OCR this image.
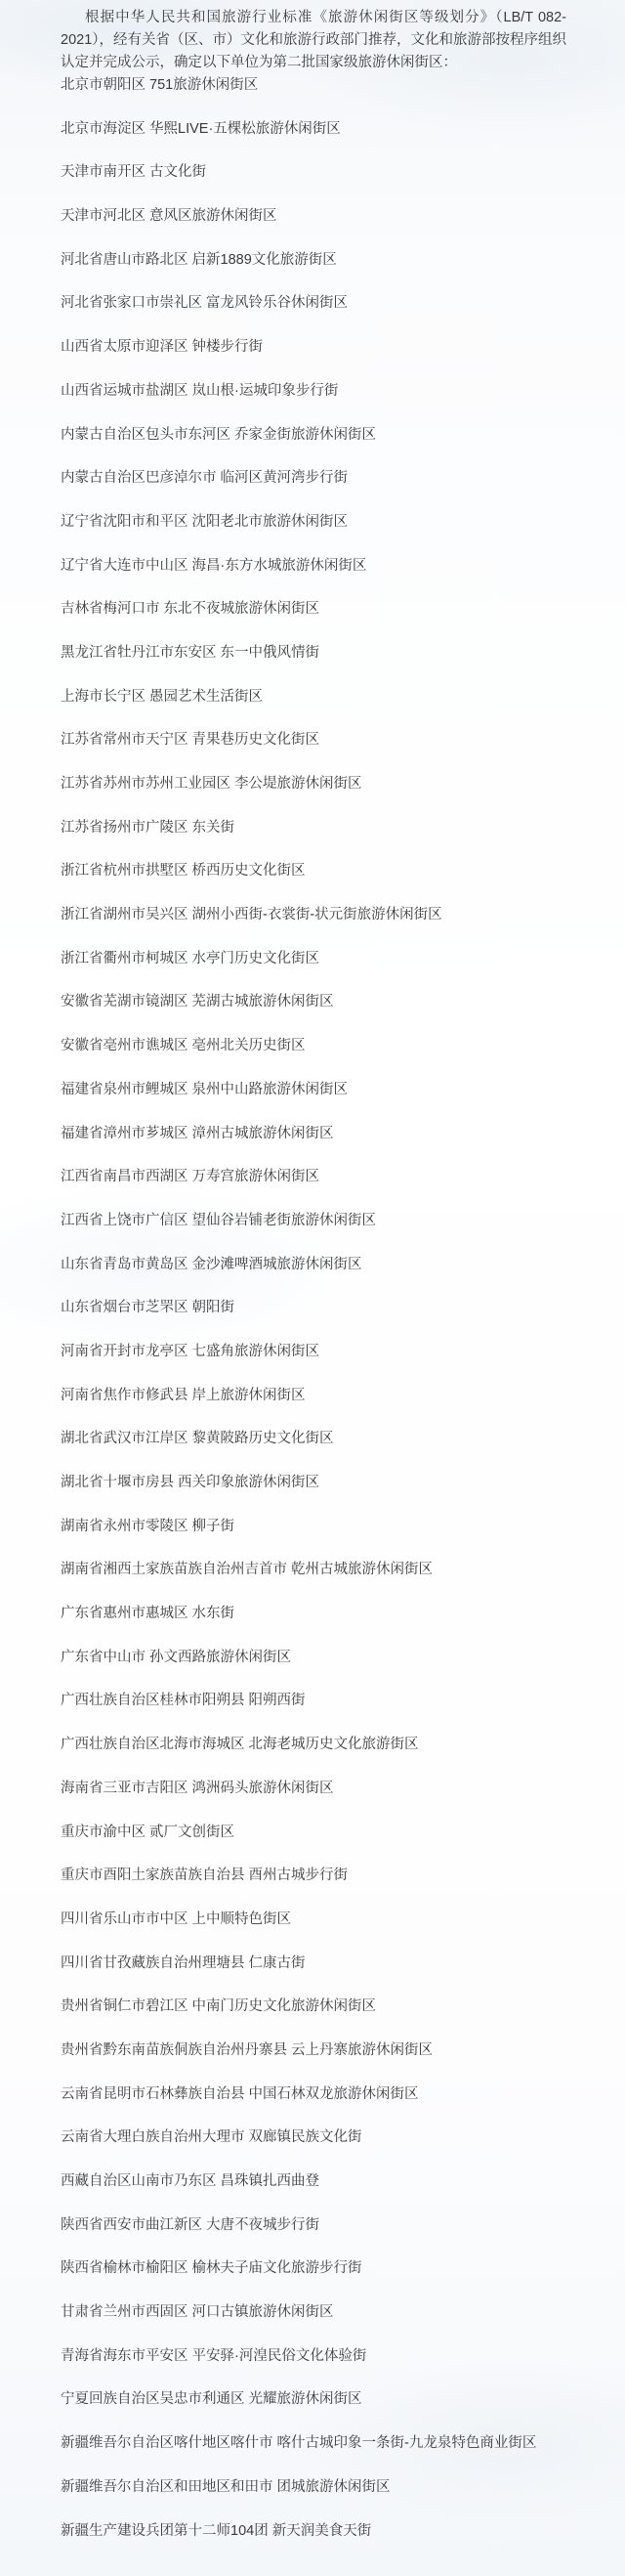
根据中华人民共和国旅游行业标准《旅游休闲街区等级划分》（LB/T 082-2021），经有关省（区、市）文化和旅游行政部门推荐，文化和旅游部按程序组织认定并完成公示，确定以下单位为第二批国家级旅游休闲街区：

北京市朝阳区 751旅游休闲街区
北京市海淀区 华熙LIVE·五棵松旅游休闲街区
天津市南开区 古文化街
天津市河北区 意风区旅游休闲街区
河北省唐山市路北区 启新1889文化旅游街区
河北省张家口市崇礼区 富龙风铃乐谷休闲街区
山西省太原市迎泽区 钟楼步行街
山西省运城市盐湖区 岚山根·运城印象步行街
内蒙古自治区包头市东河区 乔家金街旅游休闲街区
内蒙古自治区巴彦淖尔市 临河区黄河湾步行街
辽宁省沈阳市和平区 沈阳老北市旅游休闲街区
辽宁省大连市中山区 海昌·东方水城旅游休闲街区
吉林省梅河口市 东北不夜城旅游休闲街区
黑龙江省牡丹江市东安区 东一中俄风情街
上海市长宁区 愚园艺术生活街区
江苏省常州市天宁区 青果巷历史文化街区
江苏省苏州市苏州工业园区 李公堤旅游休闲街区
江苏省扬州市广陵区 东关街
浙江省杭州市拱墅区 桥西历史文化街区
浙江省湖州市吴兴区 湖州小西街-衣裳街-状元街旅游休闲街区
浙江省衢州市柯城区 水亭门历史文化街区
安徽省芜湖市镜湖区 芜湖古城旅游休闲街区
安徽省亳州市谯城区 亳州北关历史街区
福建省泉州市鲤城区 泉州中山路旅游休闲街区
福建省漳州市芗城区 漳州古城旅游休闲街区
江西省南昌市西湖区 万寿宫旅游休闲街区
江西省上饶市广信区 望仙谷岩铺老街旅游休闲街区
山东省青岛市黄岛区 金沙滩啤酒城旅游休闲街区
山东省烟台市芝罘区 朝阳街
河南省开封市龙亭区 七盛角旅游休闲街区
河南省焦作市修武县 岸上旅游休闲街区
湖北省武汉市江岸区 黎黄陂路历史文化街区
湖北省十堰市房县 西关印象旅游休闲街区
湖南省永州市零陵区 柳子街
湖南省湘西土家族苗族自治州吉首市 乾州古城旅游休闲街区
广东省惠州市惠城区 水东街
广东省中山市 孙文西路旅游休闲街区
广西壮族自治区桂林市阳朔县 阳朔西街
广西壮族自治区北海市海城区 北海老城历史文化旅游街区
海南省三亚市吉阳区 鸿洲码头旅游休闲街区
重庆市渝中区 贰厂文创街区
重庆市酉阳土家族苗族自治县 酉州古城步行街
四川省乐山市市中区 上中顺特色街区
四川省甘孜藏族自治州理塘县 仁康古街
贵州省铜仁市碧江区 中南门历史文化旅游休闲街区
贵州省黔东南苗族侗族自治州丹寨县 云上丹寨旅游休闲街区
云南省昆明市石林彝族自治县 中国石林双龙旅游休闲街区
云南省大理白族自治州大理市 双廊镇民族文化街
西藏自治区山南市乃东区 昌珠镇扎西曲登
陕西省西安市曲江新区 大唐不夜城步行街
陕西省榆林市榆阳区 榆林夫子庙文化旅游步行街
甘肃省兰州市西固区 河口古镇旅游休闲街区
青海省海东市平安区 平安驿·河湟民俗文化体验街
宁夏回族自治区吴忠市利通区 光耀旅游休闲街区
新疆维吾尔自治区喀什地区喀什市 喀什古城印象一条街-九龙泉特色商业街区
新疆维吾尔自治区和田地区和田市 团城旅游休闲街区
新疆生产建设兵团第十二师104团 新天润美食天街
